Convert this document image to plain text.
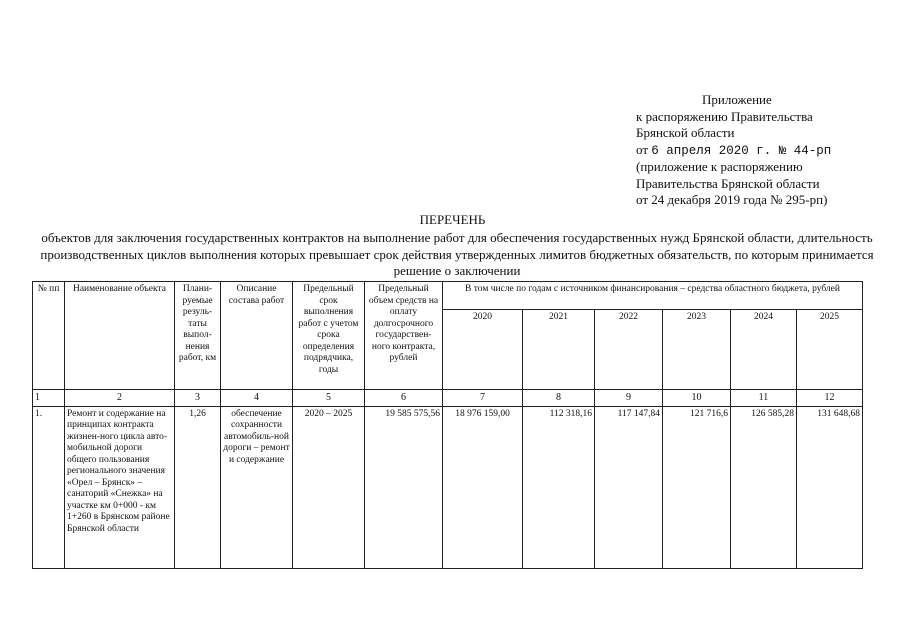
Приложение
к распоряжению Правительства
Брянской области
от 6 апреля 2020 г. № 44-рп
(приложение к распоряжению
Правительства Брянской области
от 24 декабря 2019 года № 295-рп)
ПЕРЕЧЕНЬ
объектов для заключения государственных контрактов на выполнение работ для обеспечения государственных нужд Брянской области, длительность производственных циклов выполнения которых превышает срок действия утвержденных лимитов бюджетных обязательств, по которым принимается решение о заключении
№ пп	Наименование объекта	Плани-руемые резуль-таты выпол-нения работ, км	Описание состава работ	Предельный срок выполнения работ с учетом срока определения подрядчика, годы	Предельный объем средств на оплату долгосрочного государствен-ного контракта, рублей	В том числе по годам с источником финансирования – средства областного бюджета, рублей					
						2020	2021	2022	2023	2024	2025
1	2	3	4	5	6	7	8	9	10	11	12
1.	Ремонт и содержание на принципах контракта жизнен-ного цикла авто-мобильной дороги общего пользования регионального значения «Орел – Брянск» – санаторий «Снежка» на участке км 0+000 - км 1+260 в Брянском районе Брянской области	1,26	обеспечение сохранности автомобиль-ной дороги – ремонт и содержание	2020 – 2025	19 585 575,56	18 976 159,00	112 318,16	117 147,84	121 716,6	126 585,28	131 648,68
